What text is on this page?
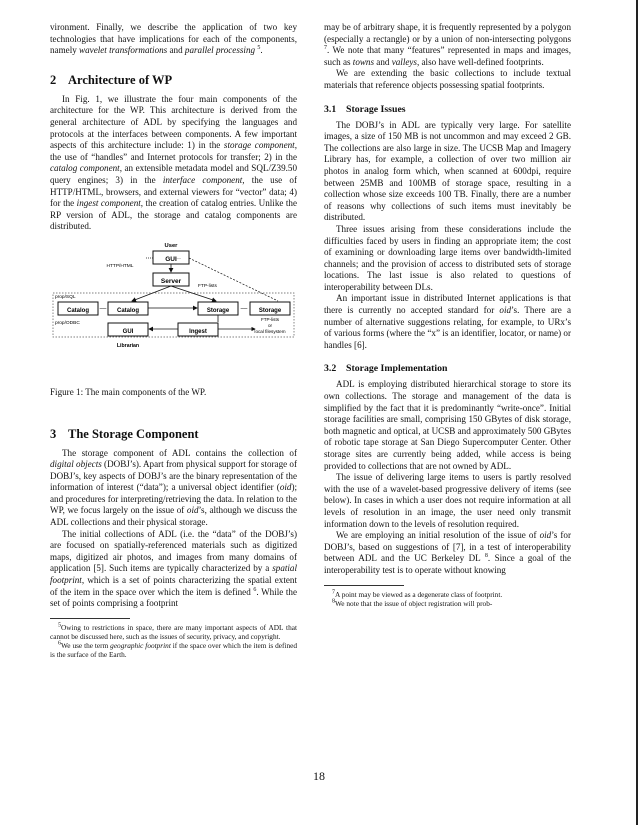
vironment. Finally, we describe the application of two key technologies that have implications for each of the components, namely wavelet transformations and parallel processing $^5$.

2 Architecture of WP

In Fig. 1, we illustrate the four main components of the architecture for the WP. This architecture is derived from the general architecture of ADL by specifying the languages and protocols at the interfaces between components. A few important aspects of this architecture include: 1) in the storage component, the use of “handles” and Internet protocols for transfer; 2) in the catalog component, an extensible metadata model and SQL/Z39.50 query engines; 3) in the interface component, the use of HTTP/HTML, browsers, and external viewers for “vector” data; 4) for the ingest component, the creation of catalog entries. Unlike the RP version of ADL, the storage and catalog components are distributed.

User
GUI
Server
Catalog	Catalog	Storage	Storage
GUI	Ingest
Librarian
HTTP/HTML
FTP-lists
prop/SQL
prop/ODBC
FTP-lists
or
local filesystem
···
––	––
Figure 1: The main components of the WP.
3 The Storage Component

The storage component of ADL contains the collection of digital objects (DOBJ’s). Apart from physical support for storage of DOBJ’s, key aspects of DOBJ’s are the binary representation of the information of interest (“data”); a universal object identifier (oid); and procedures for interpreting/retrieving the data. In relation to the WP, we focus largely on the issue of oid’s, although we discuss the ADL collections and their physical storage.

The initial collections of ADL (i.e. the “data” of the DOBJ’s) are focused on spatially-referenced materials such as digitized maps, digitized air photos, and images from many domains of application [5]. Such items are typically characterized by a spatial footprint, which is a set of points characterizing the spatial extent of the item in the space over which the item is defined $^6$. While the set of points comprising a footprint

$^5$Owing to restrictions in space, there are many important aspects of ADL that cannot be discussed here, such as the issues of security, privacy, and copyright.

$^6$We use the term geographic footprint if the space over which the item is defined is the surface of the Earth.

may be of arbitrary shape, it is frequently represented by a polygon (especially a rectangle) or by a union of non-intersecting polygons $^7$. We note that many “features” represented in maps and images, such as towns and valleys, also have well-defined footprints.

We are extending the basic collections to include textual materials that reference objects possessing spatial footprints.

3.1 Storage Issues

The DOBJ’s in ADL are typically very large. For satellite images, a size of 150 MB is not uncommon and may exceed 2 GB. The collections are also large in size. The UCSB Map and Imagery Library has, for example, a collection of over two million air photos in analog form which, when scanned at 600dpi, require between 25MB and 100MB of storage space, resulting in a collection whose size exceeds 100 TB. Finally, there are a number of reasons why collections of such items must inevitably be distributed.

Three issues arising from these considerations include the difficulties faced by users in finding an appropriate item; the cost of examining or downloading large items over bandwidth-limited channels; and the provision of access to distributed sets of storage locations. The last issue is also related to questions of interoperability between DLs.

An important issue in distributed Internet applications is that there is currently no accepted standard for oid’s. There are a number of alternative suggestions relating, for example, to URx’s of various forms (where the “x” is an identifier, locator, or name) or handles [6].

3.2 Storage Implementation

ADL is employing distributed hierarchical storage to store its own collections. The storage and management of the data is simplified by the fact that it is predominantly “write-once”. Initial storage facilities are small, comprising 150 GBytes of disk storage, both magnetic and optical, at UCSB and approximately 500 GBytes of robotic tape storage at San Diego Supercomputer Center. Other storage sites are currently being added, while access is being provided to collections that are not owned by ADL.

The issue of delivering large items to users is partly resolved with the use of a wavelet-based progressive delivery of items (see below). In cases in which a user does not require information at all levels of resolution in an image, the user need only transmit information down to the levels of resolution required.

We are employing an initial resolution of the issue of oid’s for DOBJ’s, based on suggestions of [7], in a test of interoperability between ADL and the UC Berkeley DL $^8$. Since a goal of the interoperability test is to operate without knowing

$^7$A point may be viewed as a degenerate class of footprint.

$^8$We note that the issue of object registration will prob-

18
